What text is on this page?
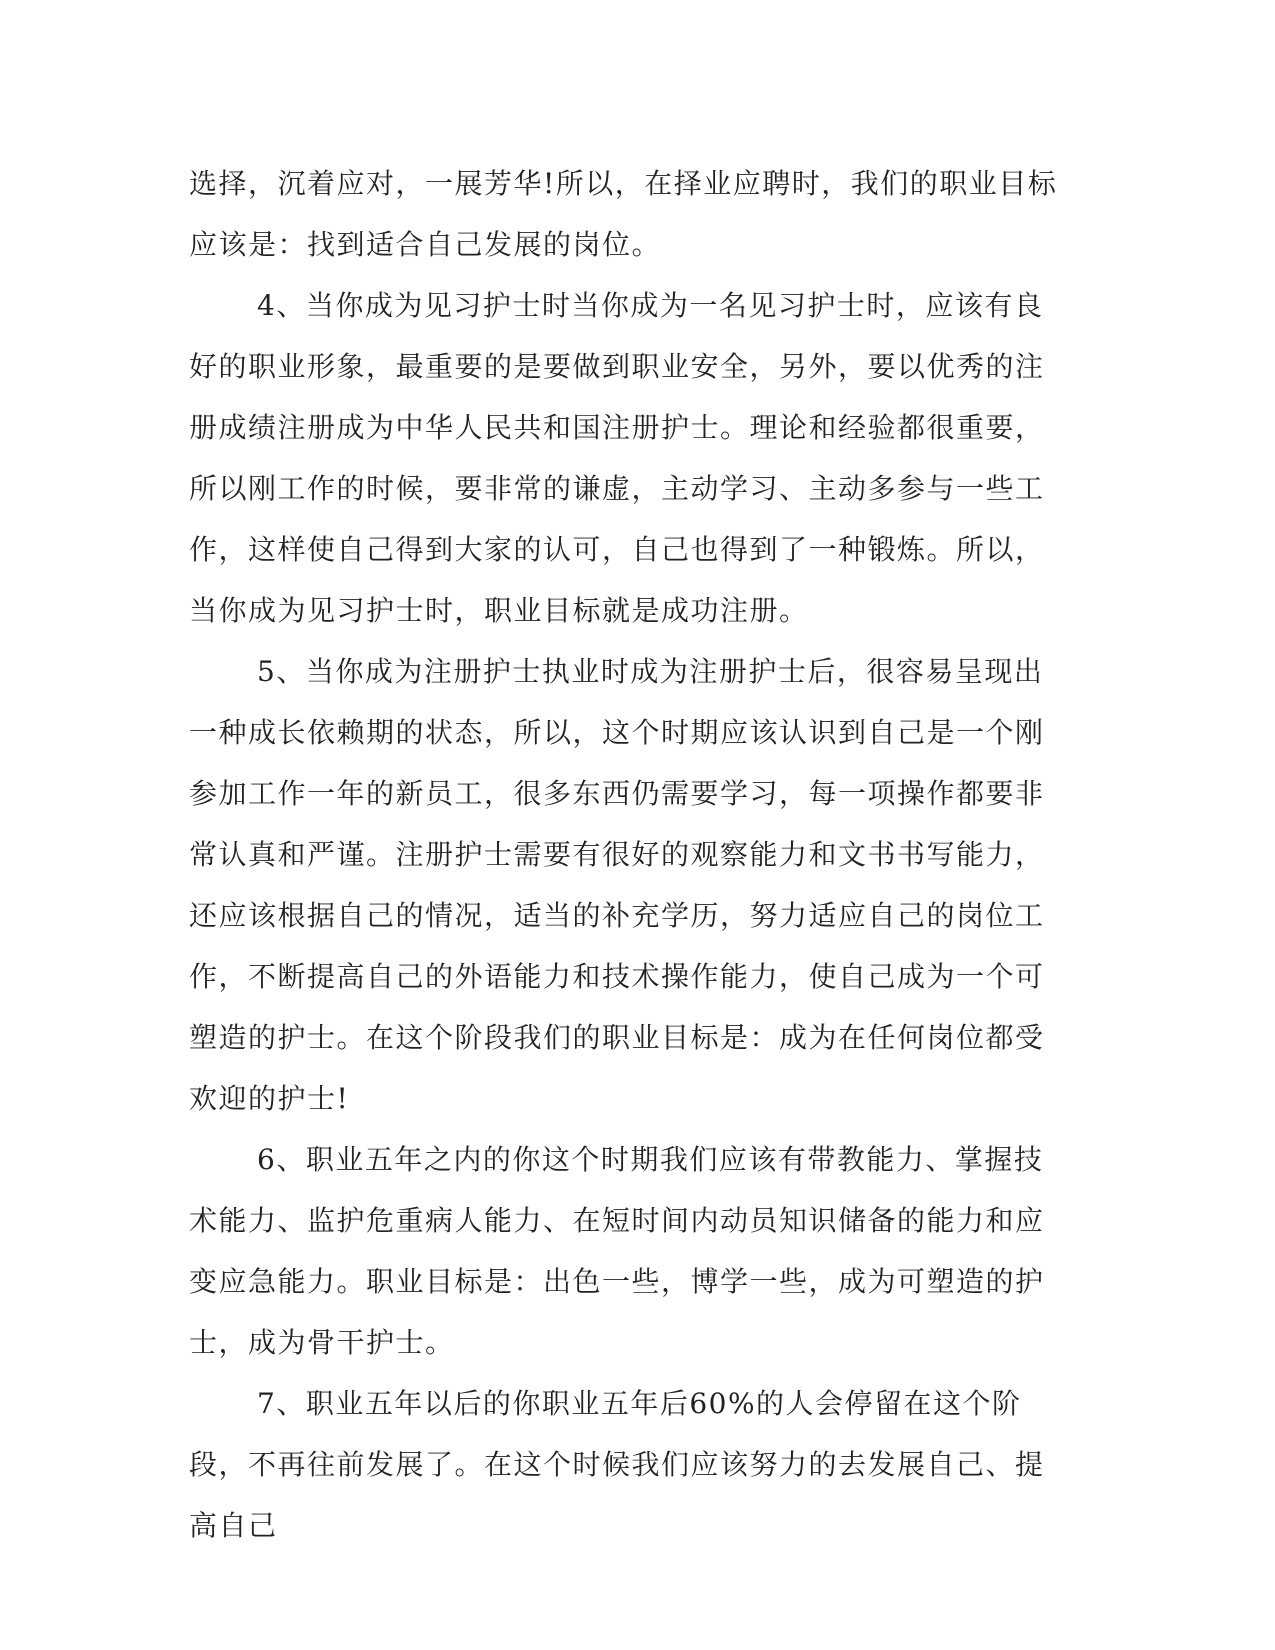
选择，沉着应对，一展芳华!所以，在择业应聘时，我们的职业目标应该是：找到适合自己发展的岗位。

4、当你成为见习护士时当你成为一名见习护士时，应该有良好的职业形象，最重要的是要做到职业安全，另外，要以优秀的注册成绩注册成为中华人民共和国注册护士。理论和经验都很重要，所以刚工作的时候，要非常的谦虚，主动学习、主动多参与一些工作，这样使自己得到大家的认可，自己也得到了一种锻炼。所以，当你成为见习护士时，职业目标就是成功注册。

5、当你成为注册护士执业时成为注册护士后，很容易呈现出一种成长依赖期的状态，所以，这个时期应该认识到自己是一个刚参加工作一年的新员工，很多东西仍需要学习，每一项操作都要非常认真和严谨。注册护士需要有很好的观察能力和文书书写能力，还应该根据自己的情况，适当的补充学历，努力适应自己的岗位工作，不断提高自己的外语能力和技术操作能力，使自己成为一个可塑造的护士。在这个阶段我们的职业目标是：成为在任何岗位都受欢迎的护士!

6、职业五年之内的你这个时期我们应该有带教能力、掌握技术能力、监护危重病人能力、在短时间内动员知识储备的能力和应变应急能力。职业目标是：出色一些，博学一些，成为可塑造的护士，成为骨干护士。

7、职业五年以后的你职业五年后60%的人会停留在这个阶段，不再往前发展了。在这个时候我们应该努力的去发展自己、提高自己
